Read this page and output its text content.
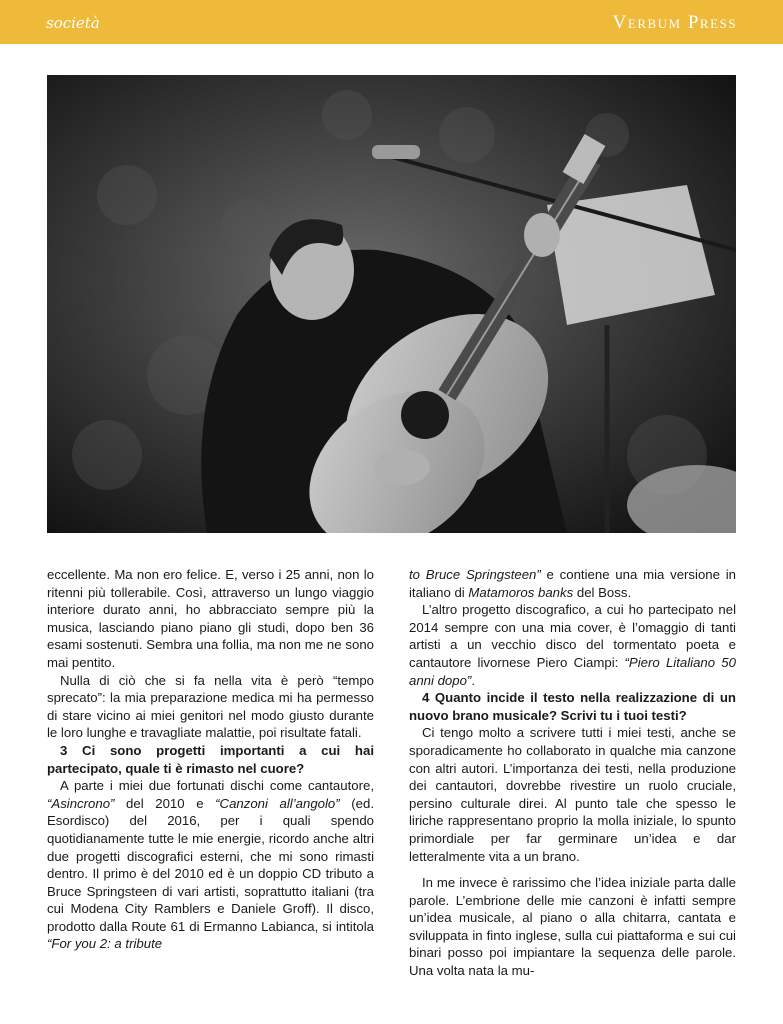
società	Verbum Press

eccellente. Ma non ero felice. E, verso i 25 anni, non lo ritenni più tollerabile. Così, attraverso un lungo viaggio interiore durato anni, ho abbracciato sempre più la musica, lasciando piano piano gli studi, dopo ben 36 esami sostenuti. Sembra una follia, ma non me ne sono mai pentito.

Nulla di ciò che si fa nella vita è però “tempo sprecato”: la mia preparazione medica mi ha permesso di stare vicino ai miei genitori nel modo giusto durante le loro lunghe e travagliate malattie, poi risultate fatali.

3 Ci sono progetti importanti a cui hai partecipato, quale ti è rimasto nel cuore?

A parte i miei due fortunati dischi come cantautore, “Asincrono” del 2010 e “Canzoni all’angolo” (ed. Esordisco) del 2016, per i quali spendo quotidianamente tutte le mie energie, ricordo anche altri due progetti discografici esterni, che mi sono rimasti dentro. Il primo è del 2010 ed è un doppio CD tributo a Bruce Springsteen di vari artisti, soprattutto italiani (tra cui Modena City Ramblers e Daniele Groff). Il disco, prodotto dalla Route 61 di Ermanno Labianca, si intitola “For you 2: a tribute

to Bruce Springsteen” e contiene una mia versione in italiano di Matamoros banks del Boss.

L’altro progetto discografico, a cui ho partecipato nel 2014 sempre con una mia cover, è l’omaggio di tanti artisti a un vecchio disco del tormentato poeta e cantautore livornese Piero Ciampi: “Piero Litaliano 50 anni dopo”.

4 Quanto incide il testo nella realizzazione di un nuovo brano musicale? Scrivi tu i tuoi testi?

Ci tengo molto a scrivere tutti i miei testi, anche se sporadicamente ho collaborato in qualche mia canzone con altri autori. L’importanza dei testi, nella produzione dei cantautori, dovrebbe rivestire un ruolo cruciale, persino culturale direi. Al punto tale che spesso le liriche rappresentano proprio la molla iniziale, lo spunto primordiale per far germinare un’idea e dar letteralmente vita a un brano.

In me invece è rarissimo che l’idea iniziale parta dalle parole. L’embrione delle mie canzoni è infatti sempre un’idea musicale, al piano o alla chitarra, cantata e sviluppata in finto inglese, sulla cui piattaforma e sui cui binari posso poi impiantare la sequenza delle parole. Una volta nata la mu-
